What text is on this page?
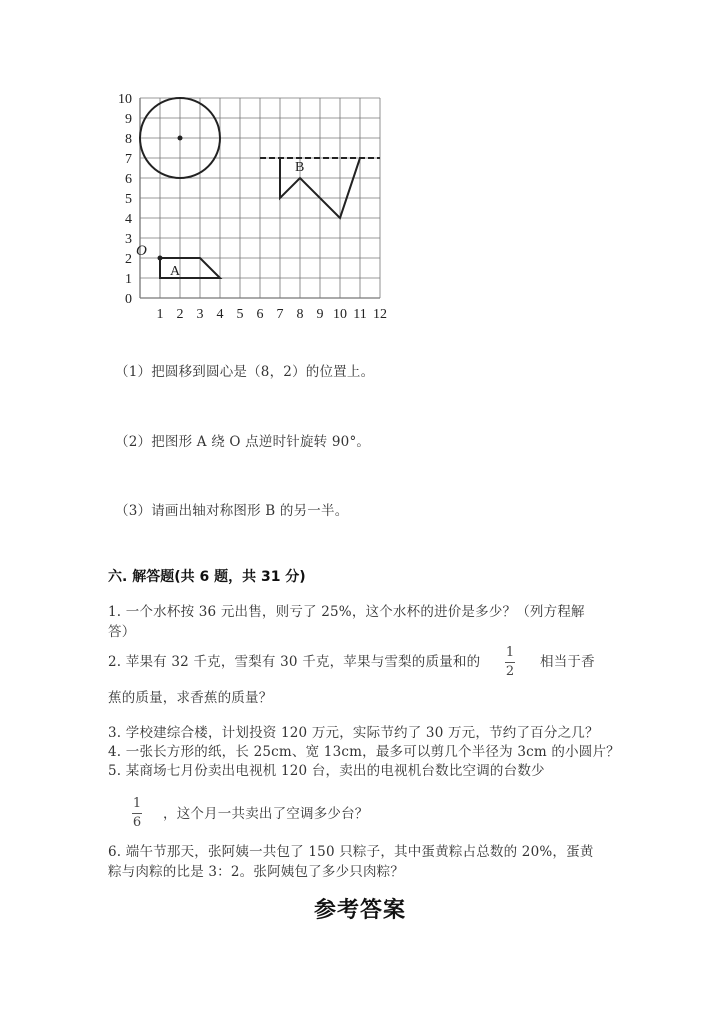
1 2 3 4 5 6 7 8 9 10 11 12
0
1
2
3
4
5
6
7
8
9
10
A
O
B
（1）把圆移到圆心是（8，2）的位置上。
（2）把图形 A 绕 O 点逆时针旋转 90°。
（3）请画出轴对称图形 B 的另一半。
六. 解答题(共 6 题，共 31 分)
1. 一个水杯按 36 元出售，则亏了 25%，这个水杯的进价是多少？（列方程解
答）
2. 苹果有 32 千克，雪梨有 30 千克，苹果与雪梨的质量和的
1
2
相当于香
蕉的质量，求香蕉的质量？
3. 学校建综合楼，计划投资 120 万元，实际节约了 30 万元，节约了百分之几？
4. 一张长方形的纸，长 25cm、宽 13cm，最多可以剪几个半径为 3cm 的小圆片？
5. 某商场七月份卖出电视机 120 台，卖出的电视机台数比空调的台数少
1
6
，这个月一共卖出了空调多少台？
6. 端午节那天，张阿姨一共包了 150 只粽子，其中蛋黄粽占总数的 20%，蛋黄
粽与肉粽的比是 3：2。张阿姨包了多少只肉粽？
参考答案
